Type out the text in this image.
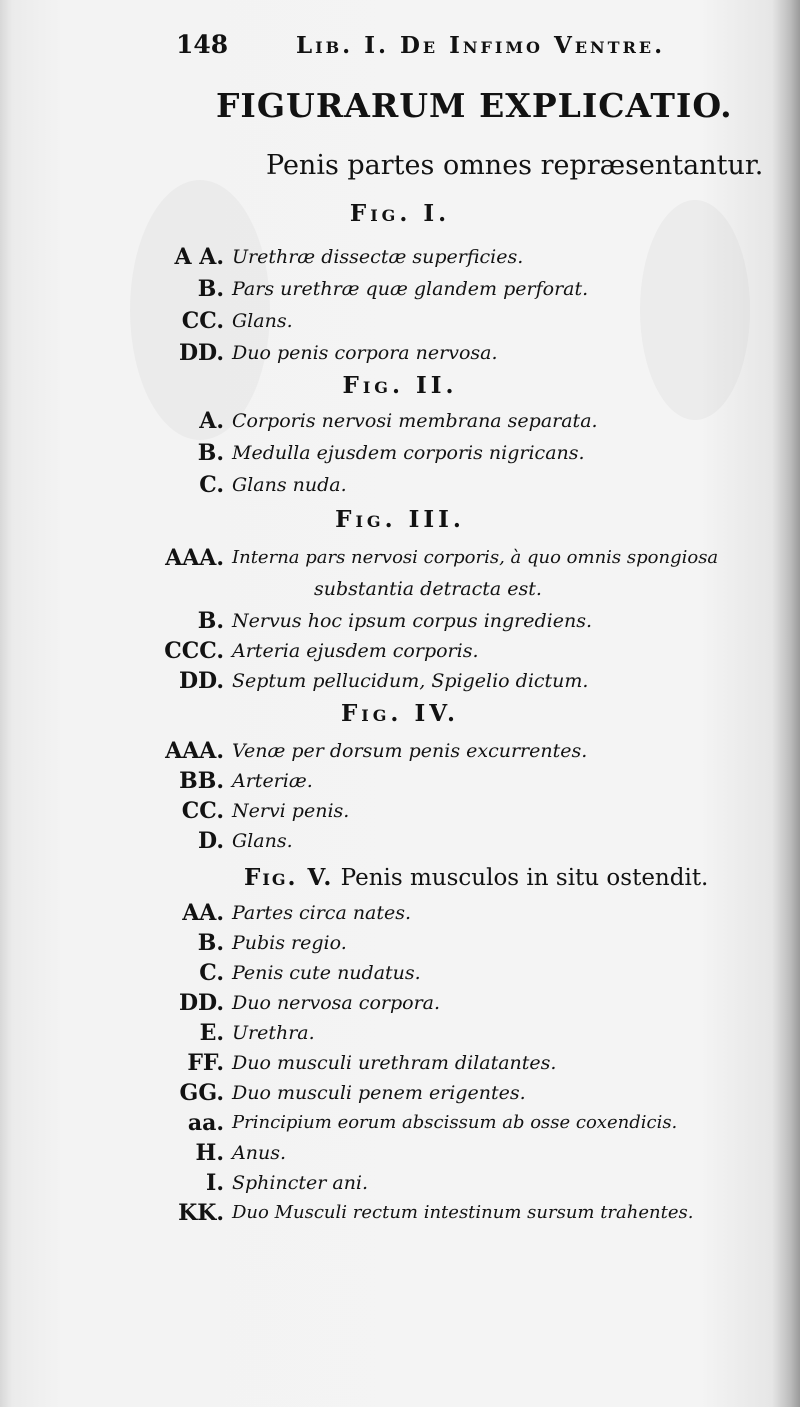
148	Lib. I. De Infimo Ventre.
FIGURARUM EXPLICATIO.
Penis partes omnes repræsentantur.
Fig. I.
A A. Urethræ dissectæ superficies.
B. Pars urethræ quæ glandem perforat.
CC. Glans.
DD. Duo penis corpora nervosa.
Fig. II.
A. Corporis nervosi membrana separata.
B. Medulla ejusdem corporis nigricans.
C. Glans nuda.
Fig. III.
AAA. Interna pars nervosi corporis, à quo omnis spongiosa
substantia detracta est.
B. Nervus hoc ipsum corpus ingrediens.
CCC. Arteria ejusdem corporis.
DD. Septum pellucidum, Spigelio dictum.
Fig. IV.
AAA. Venæ per dorsum penis excurrentes.
BB. Arteriæ.
CC. Nervi penis.
D. Glans.
Fig. V. Penis musculos in situ ostendit.
AA. Partes circa nates.
B. Pubis regio.
C. Penis cute nudatus.
DD. Duo nervosa corpora.
E. Urethra.
FF. Duo musculi urethram dilatantes.
GG. Duo musculi penem erigentes.
aa. Principium eorum abscissum ab osse coxendicis.
H. Anus.
I. Sphincter ani.
KK. Duo Musculi rectum intestinum sursum trahentes.
